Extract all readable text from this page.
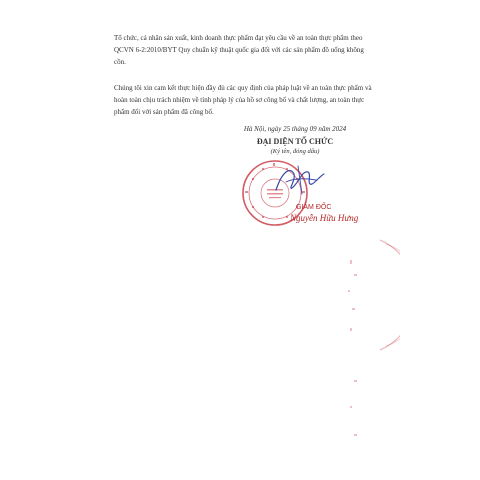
Tổ chức, cá nhân sản xuất, kinh doanh thực phẩm đạt yêu cầu về an toàn thực phẩm theo
QCVN 6-2:2010/BYT Quy chuẩn kỹ thuật quốc gia đối với các sản phẩm đồ uống không
cồn.

Chúng tôi xin cam kết thực hiện đầy đủ các quy định của pháp luật về an toàn thực phẩm và
hoàn toàn chịu trách nhiệm về tính pháp lý của hồ sơ công bố và chất lượng, an toàn thực
phẩm đối với sản phẩm đã công bố.

Hà Nội, ngày 25 tháng 09 năm 2024
ĐẠI DIỆN TỔ CHỨC
(Ký tên, đóng dấu)
GIÁM ĐỐC
Nguyễn Hữu Hưng
